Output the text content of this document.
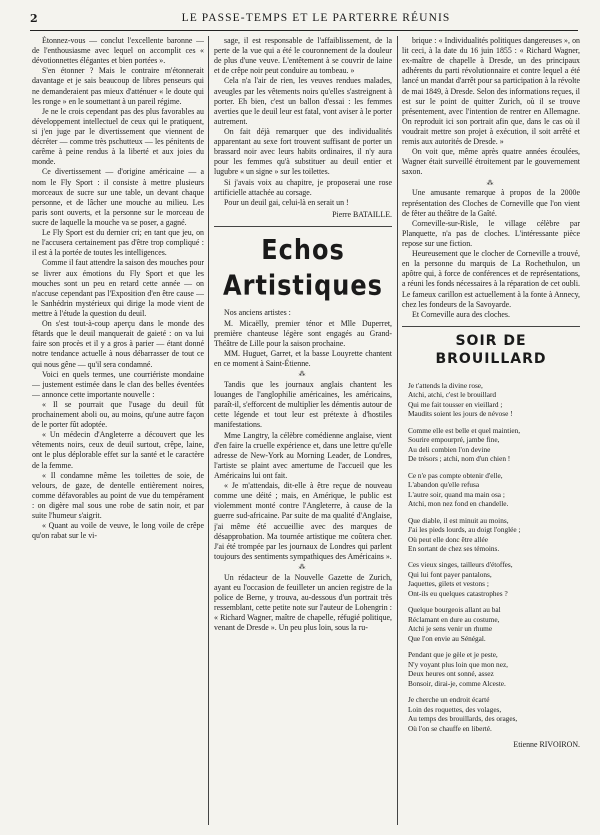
2	LE PASSE-TEMPS ET LE PARTERRE RÉUNIS

Étonnez-vous — conclut l'excellente baronne — de l'enthousiasme avec lequel on accomplit ces « dévotionnettes élégantes et bien portées ».

S'en étonner ? Mais le contraire m'étonnerait davantage et je sais beaucoup de libres penseurs qui ne demanderaient pas mieux d'atténuer « le doute qui les ronge » en le soumettant à un pareil régime.

Je ne le crois cependant pas des plus favorables au développement intellectuel de ceux qui le pratiquent, si j'en juge par le divertissement que viennent de décréter — comme très pschutteux — les pénitents de carême à peine rendus à la liberté et aux joies du monde.

Ce divertissement — d'origine américaine — a nom le Fly Sport : il consiste à mettre plusieurs morceaux de sucre sur une table, un devant chaque personne, et de lâcher une mouche au milieu. Les paris sont ouverts, et la personne sur le morceau de sucre de laquelle la mouche va se poser, a gagné.

Le Fly Sport est du dernier cri; en tant que jeu, on ne l'accusera certainement pas d'être trop compliqué : il est à la portée de toutes les intelligences.

Comme il faut attendre la saison des mouches pour se livrer aux émotions du Fly Sport et que les mouches sont un peu en retard cette année — on n'accuse cependant pas l'Exposition d'en être cause — le Sanhédrin mystérieux qui dirige la mode vient de mettre à l'étude la question du deuil.

On s'est tout-à-coup aperçu dans le monde des fêtards que le deuil manquerait de gaieté : on va lui faire son procès et il y a gros à parier — étant donné notre tendance actuelle à nous débarrasser de tout ce qui nous gêne — qu'il sera condamné.

Voici en quels termes, une courriériste mondaine — justement estimée dans le clan des belles éventées — annonce cette importante nouvelle :

« Il se pourrait que l'usage du deuil fût prochainement aboli ou, au moins, qu'une autre façon de le porter fût adoptée.

« Un médecin d'Angleterre a découvert que les vêtements noirs, ceux de deuil surtout, crêpe, laine, ont le plus déplorable effet sur la santé et le caractère de la femme.

« Il condamne même les toilettes de soie, de velours, de gaze, de dentelle entièrement noires, comme défavorables au point de vue du tempérament : on digère mal sous une robe de satin noir, et par suite l'humeur s'aigrit.

« Quant au voile de veuve, le long voile de crêpe qu'on rabat sur le vi-

sage, il est responsable de l'affaiblissement, de la perte de la vue qui a été le couronnement de la douleur de plus d'une veuve. L'entêtement à se couvrir de laine et de crêpe noir peut conduire au tombeau. »

Cela n'a l'air de rien, les veuves rendues malades, aveugles par les vêtements noirs qu'elles s'astreignent à porter. Eh bien, c'est un ballon d'essai : les femmes averties que le deuil leur est fatal, vont aviser à le porter autrement.

On fait déjà remarquer que des individualités apparentant au sexe fort trouvent suffisant de porter un brassard noir avec leurs habits ordinaires, il n'y aura pour les femmes qu'à substituer au deuil entier et lugubre « un signe » sur les toilettes.

Si j'avais voix au chapitre, je proposerai une rose artificielle attachée au corsage.

Pour un deuil gai, celui-là en serait un !

Pierre BATAILLE.
Echos Artistiques

Nos anciens artistes :

M. Micaëlly, premier ténor et Mlle Duperret, première chanteuse légère sont engagés au Grand-Théâtre de Lille pour la saison prochaine.

MM. Huguet, Garret, et la basse Louyrette chantent en ce moment à Saint-Étienne.

⁂

Tandis que les journaux anglais chantent les louanges de l'anglophilie américaines, les américains, paraît-il, s'efforcent de multiplier les démentis autour de cette légende et tout leur est prétexte à d'hostiles manifestations.

Mme Langtry, la célèbre comédienne anglaise, vient d'en faire la cruelle expérience et, dans une lettre qu'elle adresse de New-York au Morning Leader, de Londres, l'artiste se plaint avec amertume de l'accueil que les Américains lui ont fait.

« Je m'attendais, dit-elle à être reçue de nouveau comme une déité ; mais, en Amérique, le public est violemment monté contre l'Angleterre, à cause de la guerre sud-africaine. Par suite de ma qualité d'Anglaise, j'ai même été accueillie avec des marques de désapprobation. Ma tournée artistique me coûtera cher. J'ai été trompée par les journaux de Londres qui parlent toujours des sentiments sympathiques des Américains ».

⁂

Un rédacteur de la Nouvelle Gazette de Zurich, ayant eu l'occasion de feuilleter un ancien registre de la police de Berne, y trouva, au-dessous d'un portrait très ressemblant, cette petite note sur l'auteur de Lohengrin : « Richard Wagner, maître de chapelle, réfugié politique, venant de Dresde ». Un peu plus loin, sous la ru-

brique : « Individualités politiques dangereuses », on lit ceci, à la date du 16 juin 1855 : « Richard Wagner, ex-maître de chapelle à Dresde, un des principaux adhérents du parti révolutionnaire et contre lequel a été lancé un mandat d'arrêt pour sa participation à la révolte de mai 1849, à Dresde. Selon des informations reçues, il est sur le point de quitter Zurich, où il se trouve présentement, avec l'intention de rentrer en Allemagne. On reproduit ici son portrait afin que, dans le cas où il voudrait mettre son projet à exécution, il soit arrêté et remis aux autorités de Dresde. »

On voit que, même après quatre années écoulées, Wagner était surveillé étroitement par le gouvernement saxon.

⁂

Une amusante remarque à propos de la 2000e représentation des Cloches de Corneville que l'on vient de fêter au théâtre de la Gaîté.

Corneville-sur-Risle, le village célèbre par Planquette, n'a pas de cloches. L'intéressante pièce repose sur une fiction.

Heureusement que le clocher de Corneville a trouvé, en la personne du marquis de La Rochethulon, un apôtre qui, à force de conférences et de représentations, a réuni les fonds nécessaires à la réparation de cet oubli. Le fameux carillon est actuellement à la fonte à Annecy, chez les fondeurs de la Savoyarde.

Et Corneville aura des cloches.

SOIR DE BROUILLARD
Je t'attends la divine rose,
Atchi, atchi, c'est le brouillard
Qui me fait tousser en vieillard ;
Maudits soient les jours de névose !
Comme elle est belle et quel maintien,
Sourire empourpré, jambe fine,
Au deli combien l'on devine
De trésors ; atchi, nom d'un chien !
Ce n'e pas compte obtenir d'elle,
L'abandon qu'elle refusa
L'autre soir, quand ma main osa ;
Atchi, mon nez fond en chandelle.
Que diable, il est minuit au moins,
J'ai les pieds lourds, au doigt l'onglée ;
Où peut elle donc être allée
En sortant de chez ses témoins.
Ces vieux singes, tailleurs d'étoffes,
Qui lui font payer pantalons,
Jaquettes, gilets et vestons ;
Ont-ils eu quelques catastrophes ?
Quelque bourgeois allant au bal
Réclamant en dure au costume,
Atchi je sens venir un rhume
Que l'on envie au Sénégal.
Pendant que je gèle et je peste,
N'y voyant plus loin que mon nez,
Deux heures ont sonné, assez
Bonsoir, dirai-je, comme Alceste.
Je cherche un endroit écarté
Loin des roquettes, des volages,
Au temps des brouillards, des orages,
Où l'on se chauffe en liberté.
Etienne RIVOIRON.
